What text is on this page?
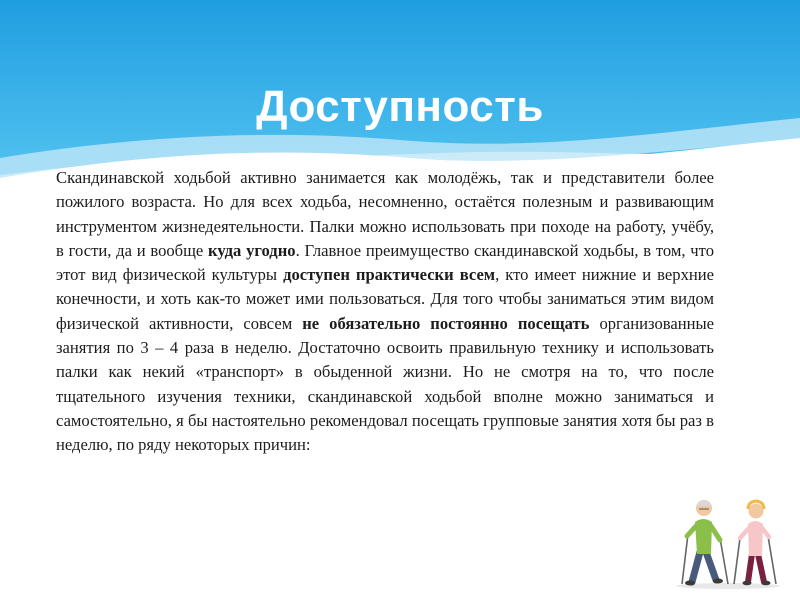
Доступность

Скандинавской ходьбой активно занимается как молодёжь, так и представители более пожилого возраста. Но для всех ходьба, несомненно, остаётся полезным и развивающим инструментом жизнедеятельности. Палки можно использовать при походе на работу, учёбу, в гости, да и вообще куда угодно. Главное преимущество скандинавской ходьбы, в том, что этот вид физической культуры доступен практически всем, кто имеет нижние и верхние конечности, и хоть как-то может ими пользоваться. Для того чтобы заниматься этим видом физической активности, совсем не обязательно постоянно посещать организованные занятия по 3 – 4 раза в неделю. Достаточно освоить правильную технику и использовать палки как некий «транспорт» в обыденной жизни. Но не смотря на то, что после тщательного изучения техники, скандинавской ходьбой вполне можно заниматься и самостоятельно, я бы настоятельно рекомендовал посещать групповые занятия хотя бы раз в неделю, по ряду некоторых причин:
